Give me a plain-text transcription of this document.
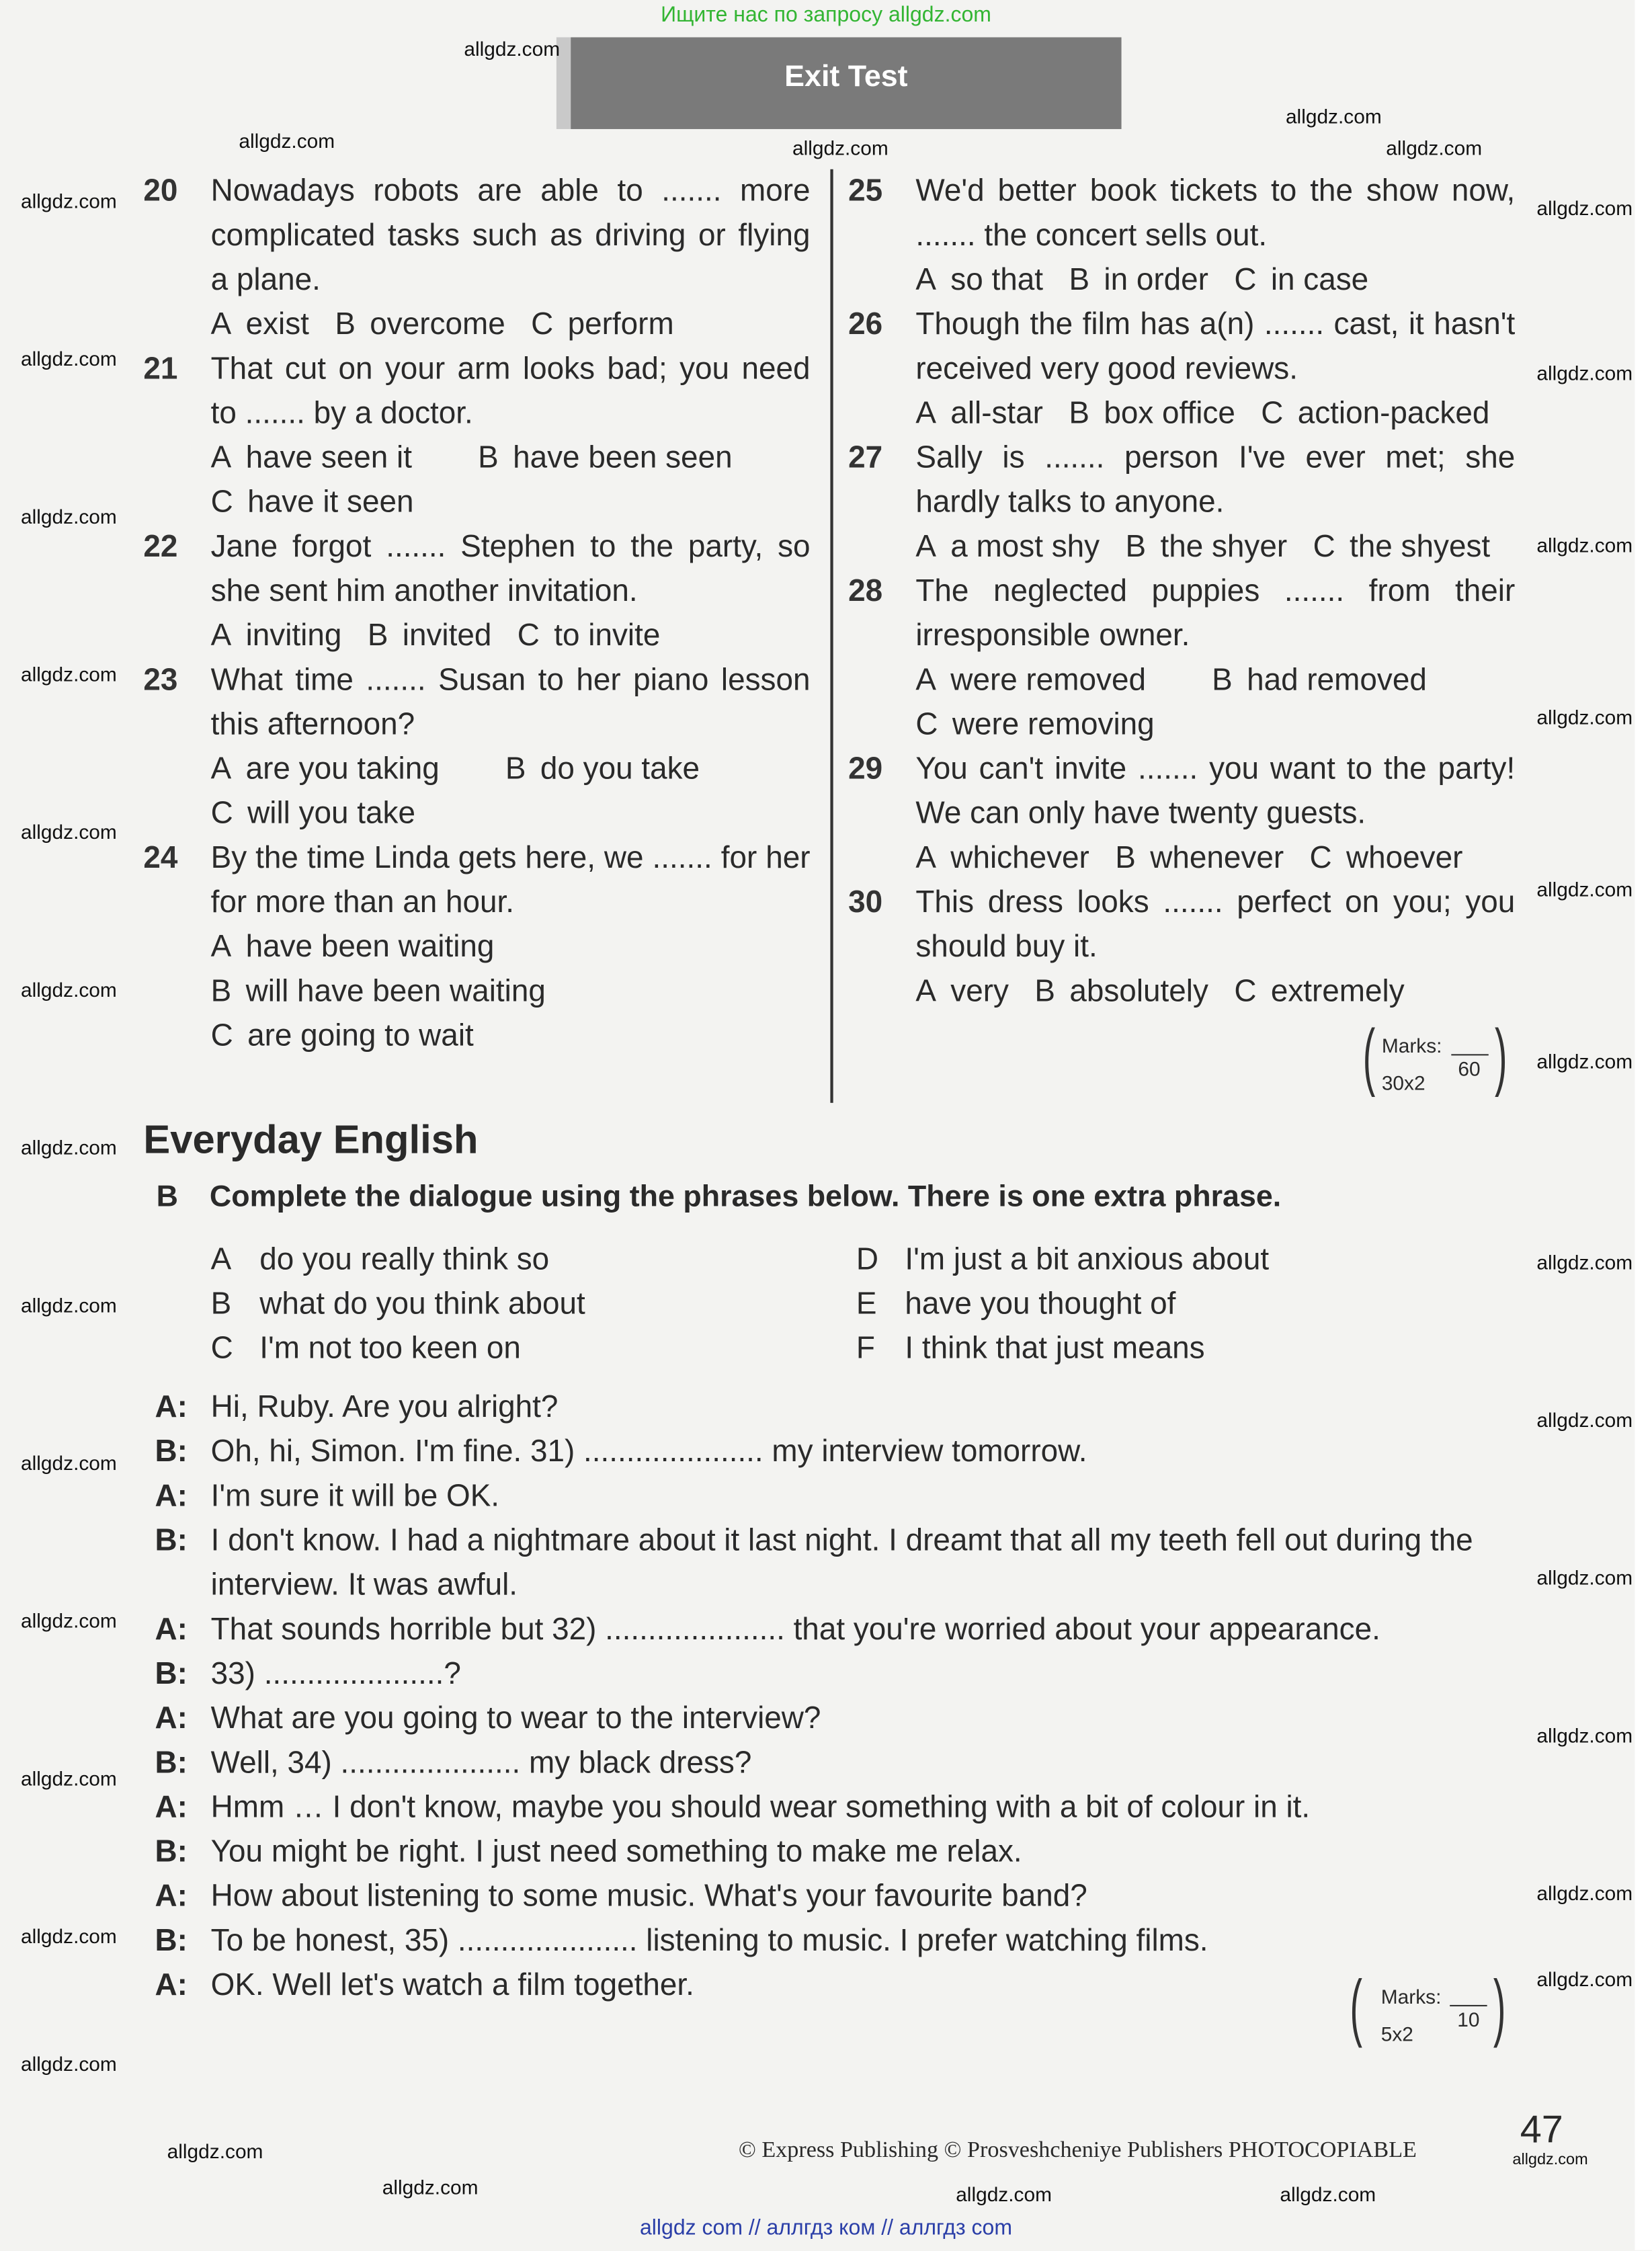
Ищите нас по запросу allgdz.com
Exit Test
20	Nowadays robots are able to ....... more complicated tasks such as driving or flying a plane.
A exist B overcome C perform
21	That cut on your arm looks bad; you need to ....... by a doctor.
A have seen it	B have been seen
C have it seen
22	Jane forgot ....... Stephen to the party, so she sent him another invitation.
A inviting B invited C to invite
23	What time ....... Susan to her piano lesson this afternoon?
A are you taking	B do you take
C will you take
24	By the time Linda gets here, we ....... for her for more than an hour.
A have been waiting
B will have been waiting
C are going to wait
25	We'd better book tickets to the show now, ....... the concert sells out.
A so that B in order C in case
26	Though the film has a(n) ....... cast, it hasn't received very good reviews.
A all-star B box office C action-packed
27	Sally is ....... person I've ever met; she hardly talks to anyone.
A a most shy B the shyer C the shyest
28	The neglected puppies ....... from their irresponsible owner.
A were removed	B had removed
C were removing
29	You can't invite ....... you want to the party! We can only have twenty guests.
A whichever B whenever C whoever
30	This dress looks ....... perfect on you; you should buy it.
A very B absolutely C extremely
( Marks:
30x2
60 )
Everyday English
B Complete the dialogue using the phrases below. There is one extra phrase.
A do you really think so
B what do you think about
C I'm not too keen on
D I'm just a bit anxious about
E have you thought of
F I think that just means
A: Hi, Ruby. Are you alright?
B: Oh, hi, Simon. I'm fine. 31) ..................... my interview tomorrow.
A: I'm sure it will be OK.
B: I don't know. I had a nightmare about it last night. I dreamt that all my teeth fell out during the interview. It was awful.
A: That sounds horrible but 32) ..................... that you're worried about your appearance.
B: 33) .....................?
A: What are you going to wear to the interview?
B: Well, 34) ..................... my black dress?
A: Hmm … I don't know, maybe you should wear something with a bit of colour in it.
B: You might be right. I just need something to make me relax.
A: How about listening to some music. What's your favourite band?
B: To be honest, 35) ..................... listening to music. I prefer watching films.
A: OK. Well let's watch a film together.	( Marks:
5x2
10 )
47
© Express Publishing © Prosveshcheniye Publishers PHOTOCOPIABLE
allgdz com // аллгдз ком // аллгдз com
allgdz.com
allgdz.com
allgdz.com
allgdz.com	allgdz.com
allgdz.com
allgdz.com
allgdz.com
allgdz.com
allgdz.com
allgdz.com
allgdz.com
allgdz.com
allgdz.com
allgdz.com
allgdz.com
allgdz.com
allgdz.com
allgdz.com
allgdz.com
allgdz.com
allgdz.com
allgdz.com
allgdz.com
allgdz.com
allgdz.com
allgdz.com
allgdz.com
allgdz.com
allgdz.com
allgdz.com
allgdz.com
allgdz.com
allgdz.com
allgdz.com
